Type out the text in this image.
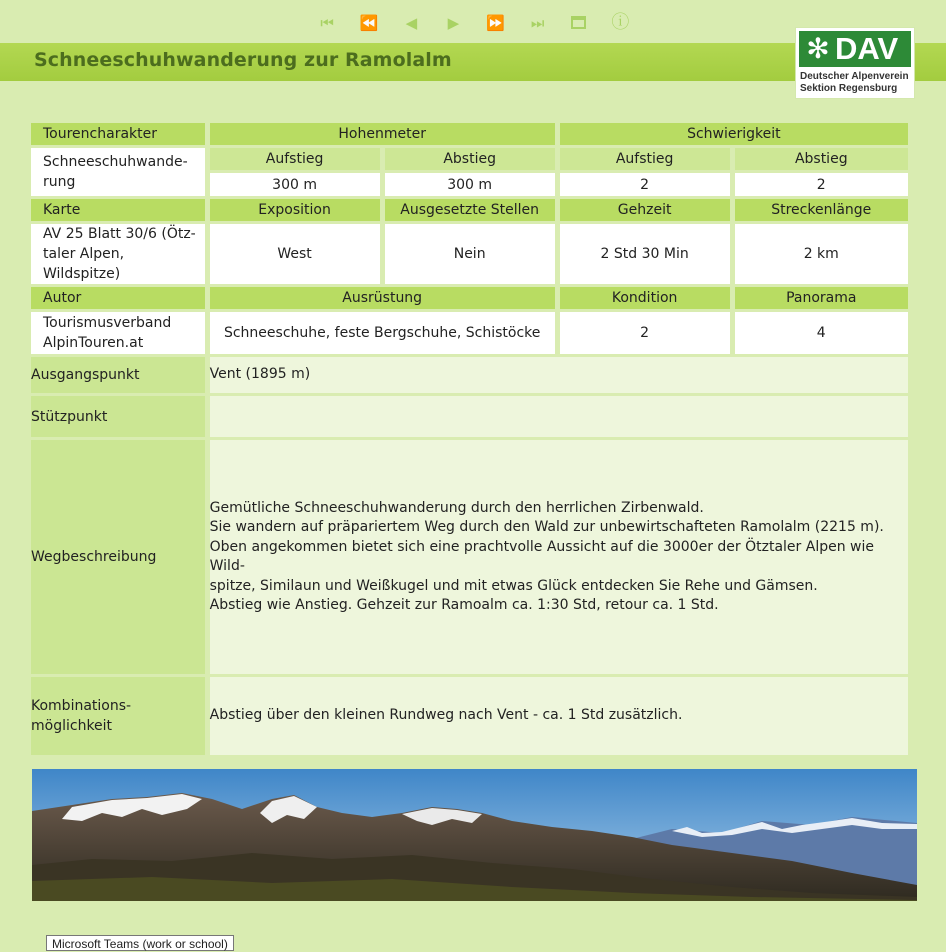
⏮ ⏪ ◀ ▶ ⏩ ⏭	ⓘ
Schneeschuhwanderung zur Ramolalm	✻ DAV
Deutscher Alpenverein
Sektion Regensburg
Tourencharakter	Hohenmeter		Schwierigkeit	
Schneeschuhwande-
rung	Aufstieg	Abstieg	Aufstieg	Abstieg
	300 m	300 m	2	2
Karte	Exposition	Ausgesetzte Stellen	Gehzeit	Streckenlänge
AV 25 Blatt 30/6 (Ötz-
taler Alpen, Wildspitze)	West	Nein	2 Std 30 Min	2 km
Autor	Ausrüstung		Kondition	Panorama
Tourismusverband
AlpinTouren.at	Schneeschuhe, feste Bergschuhe, Schistöcke		2	4
Ausgangspunkt	Vent (1895 m)			
Stützpunkt				
Wegbeschreibung	Gemütliche Schneeschuhwanderung durch den herrlichen Zirbenwald.
Sie wandern auf präpariertem Weg durch den Wald zur unbewirtschafteten Ramolalm (2215 m).
Oben angekommen bietet sich eine prachtvolle Aussicht auf die 3000er der Ötztaler Alpen wie Wild-
spitze, Similaun und Weißkugel und mit etwas Glück entdecken Sie Rehe und Gämsen.
Abstieg wie Anstieg. Gehzeit zur Ramoalm ca. 1:30 Std, retour ca. 1 Std.			

Kombinations-
möglichkeit	Abstieg über den kleinen Rundweg nach Vent - ca. 1 Std zusätzlich.			
Microsoft Teams (work or school)
